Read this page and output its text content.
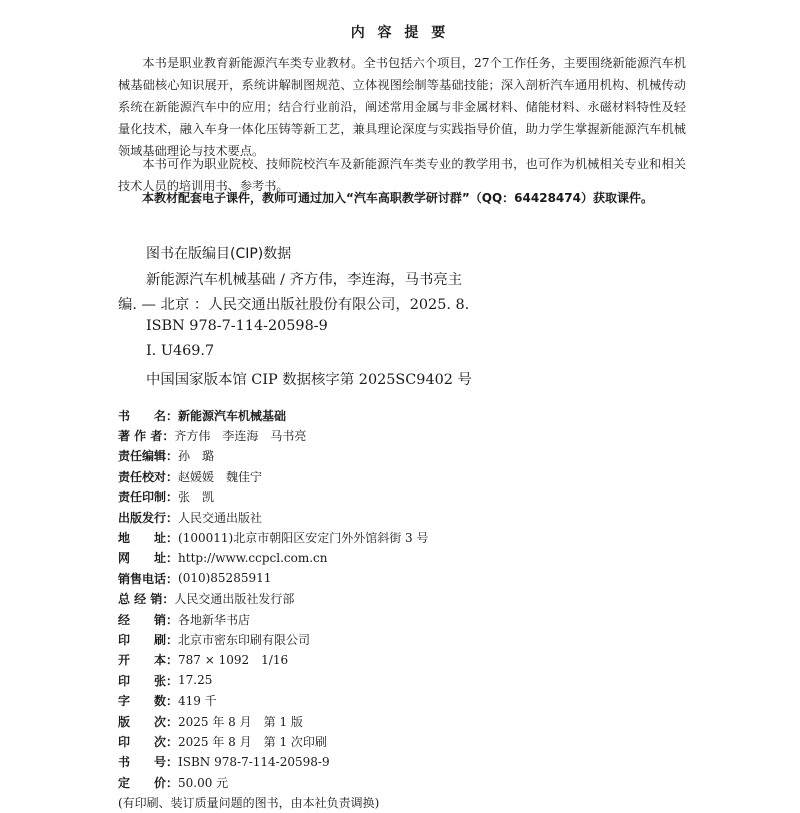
内 容 提 要

本书是职业教育新能源汽车类专业教材。全书包括六个项目，27个工作任务，主要围绕新能源汽车机械基础核心知识展开，系统讲解制图规范、立体视图绘制等基础技能；深入剖析汽车通用机构、机械传动系统在新能源汽车中的应用；结合行业前沿，阐述常用金属与非金属材料、储能材料、永磁材料特性及轻量化技术，融入车身一体化压铸等新工艺，兼具理论深度与实践指导价值，助力学生掌握新能源汽车机械领域基础理论与技术要点。

本书可作为职业院校、技师院校汽车及新能源汽车类专业的教学用书，也可作为机械相关专业和相关技术人员的培训用书、参考书。

本教材配套电子课件，教师可通过加入“汽车高职教学研讨群”（QQ：64428474）获取课件。

图书在版编目(CIP)数据
新能源汽车机械基础 / 齐方伟，李连海，马书亮主
编. — 北京 ：人民交通出版社股份有限公司，2025. 8.
ISBN 978-7-114-20598-9
Ⅰ. U469.7
中国国家版本馆 CIP 数据核字第 2025SC9402 号
书　　名： 新能源汽车机械基础
著 作 者： 齐方伟　李连海　马书亮
责任编辑： 孙　璐
责任校对： 赵媛媛　魏佳宁
责任印制： 张　凯
出版发行： 人民交通出版社
地　　址： (100011)北京市朝阳区安定门外外馆斜街 3 号
网　　址： http://www.ccpcl.com.cn
销售电话： (010)85285911
总 经 销： 人民交通出版社发行部
经　　销： 各地新华书店
印　　刷： 北京市密东印刷有限公司
开　　本： 787 × 1092　1/16
印　　张： 17.25
字　　数： 419 千
版　　次： 2025 年 8 月　第 1 版
印　　次： 2025 年 8 月　第 1 次印刷
书　　号： ISBN 978-7-114-20598-9
定　　价： 50.00 元
(有印刷、装订质量问题的图书，由本社负责调换)
